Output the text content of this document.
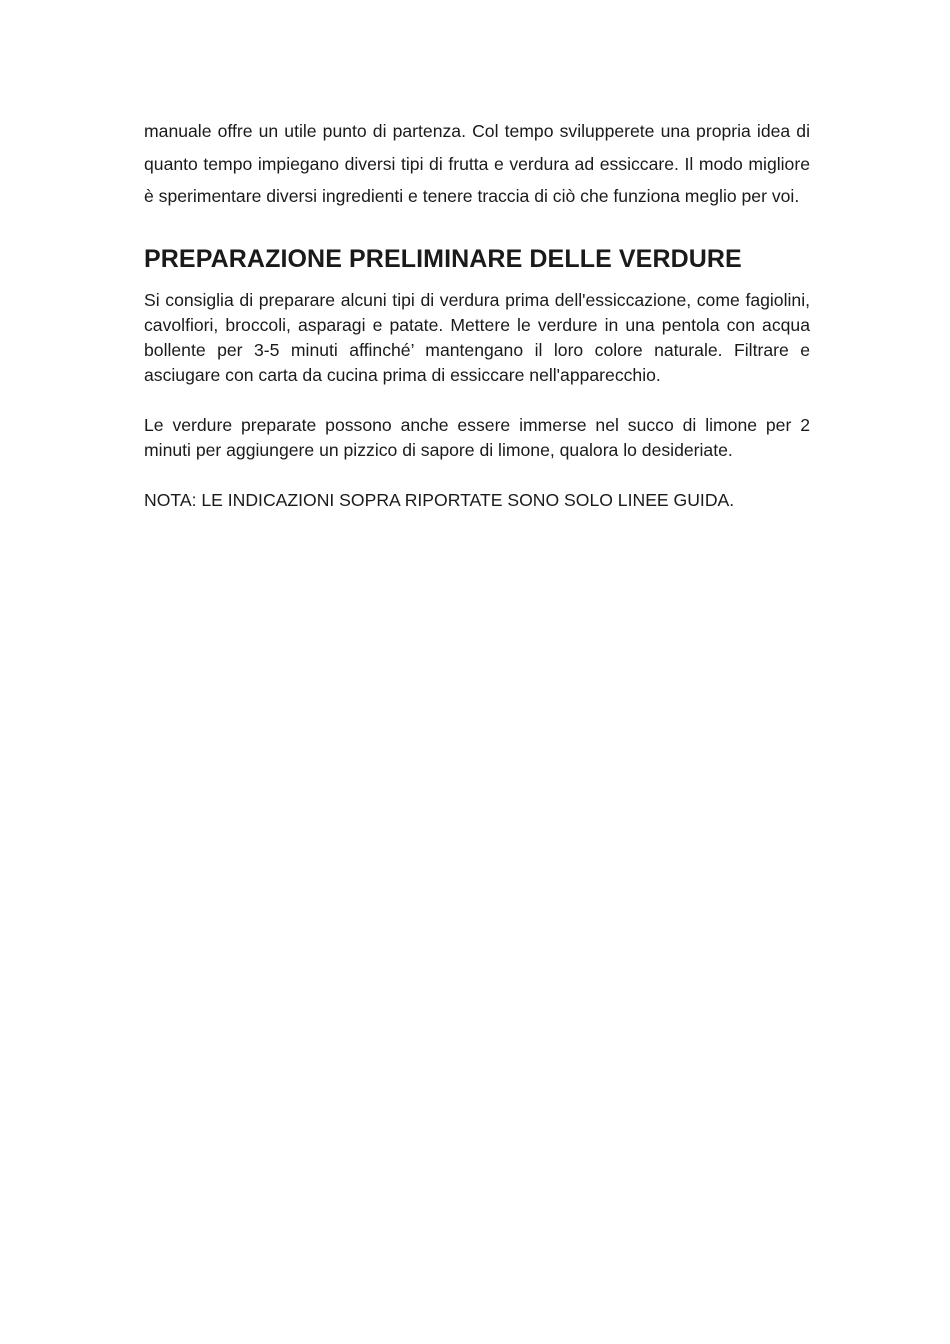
manuale offre un utile punto di partenza. Col tempo svilupperete una propria idea di quanto tempo impiegano diversi tipi di frutta e verdura ad essiccare. Il modo migliore è sperimentare diversi ingredienti e tenere traccia di ciò che funziona meglio per voi.

PREPARAZIONE PRELIMINARE DELLE VERDURE

Si consiglia di preparare alcuni tipi di verdura prima dell'essiccazione, come fagiolini, cavolfiori, broccoli, asparagi e patate. Mettere le verdure in una pentola con acqua bollente per 3-5 minuti affinché’ mantengano il loro colore naturale. Filtrare e asciugare con carta da cucina prima di essiccare nell'apparecchio.

Le verdure preparate possono anche essere immerse nel succo di limone per 2 minuti per aggiungere un pizzico di sapore di limone, qualora lo desideriate.

NOTA: LE INDICAZIONI SOPRA RIPORTATE SONO SOLO LINEE GUIDA.
